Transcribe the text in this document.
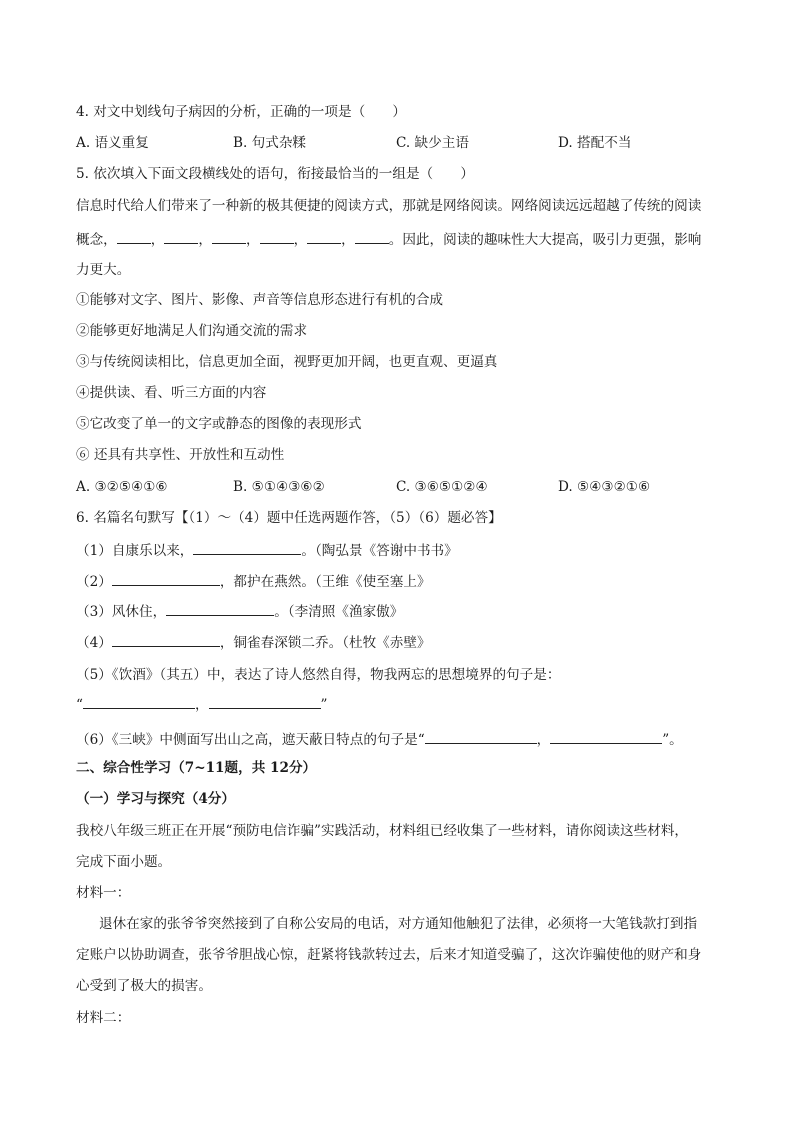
4. 对文中划线句子病因的分析，正确的一项是（　　）
A. 语义重复	B. 句式杂糅	C. 缺少主语	D. 搭配不当
5. 依次填入下面文段横线处的语句，衔接最恰当的一组是（　　）
信息时代给人们带来了一种新的极其便捷的阅读方式，那就是网络阅读。网络阅读远远超越了传统的阅读
概念，	，	，	，	，	，	。因此，阅读的趣味性大大提高，吸引力更强，影响
力更大。
①能够对文字、图片、影像、声音等信息形态进行有机的合成
②能够更好地满足人们沟通交流的需求
③与传统阅读相比，信息更加全面，视野更加开阔，也更直观、更逼真
④提供读、看、听三方面的内容
⑤它改变了单一的文字或静态的图像的表现形式
⑥ 还具有共享性、开放性和互动性
A. ③②⑤④①⑥	B. ⑤①④③⑥②	C. ③⑥⑤①②④	D. ⑤④③②①⑥
6. 名篇名句默写【（1）～（4）题中任选两题作答，（5）（6）题必答】
（1）自康乐以来，	。（陶弘景《答谢中书书》
（2）	，都护在燕然。（王维《使至塞上》
（3）风休住，	。（李清照《渔家傲》
（4）	，铜雀春深锁二乔。（杜牧《赤壁》
（5）《饮酒》（其五）中，表达了诗人悠然自得，物我两忘的思想境界的句子是：
“	，	”
（6）《三峡》中侧面写出山之高，遮天蔽日特点的句子是“	，	”。
二、综合性学习（7~11题，共 12分）
（一）学习与探究（4分）
我校八年级三班正在开展“预防电信诈骗”实践活动，材料组已经收集了一些材料，请你阅读这些材料，
完成下面小题。
材料一：
退休在家的张爷爷突然接到了自称公安局的电话，对方通知他触犯了法律，必须将一大笔钱款打到指
定账户以协助调查，张爷爷胆战心惊，赶紧将钱款转过去，后来才知道受骗了，这次诈骗使他的财产和身
心受到了极大的损害。
材料二：
